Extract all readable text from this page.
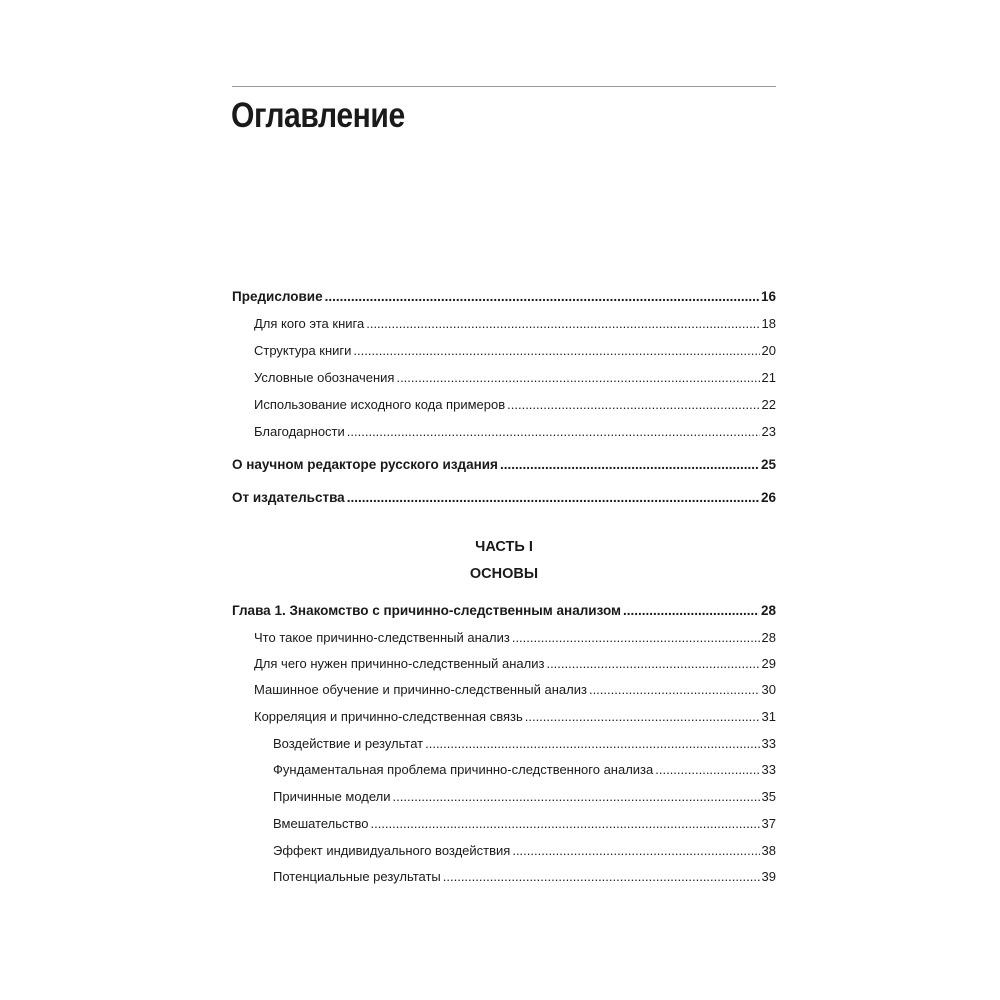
Оглавление
Предисловие .....	16
Для кого эта книга .....	18
Структура книги .....	20
Условные обозначения .....	21
Использование исходного кода примеров .....	22
Благодарности .....	23
О научном редакторе русского издания .....	25
От издательства .....	26
ЧАСТЬ I
ОСНОВЫ
Глава 1. Знакомство с причинно-следственным анализом .....	28
Что такое причинно-следственный анализ .....	28
Для чего нужен причинно-следственный анализ .....	29
Машинное обучение и причинно-следственный анализ .....	30
Корреляция и причинно-следственная связь .....	31
Воздействие и результат .....	33
Фундаментальная проблема причинно-следственного анализа .....	33
Причинные модели .....	35
Вмешательство .....	37
Эффект индивидуального воздействия .....	38
Потенциальные результаты .....	39
